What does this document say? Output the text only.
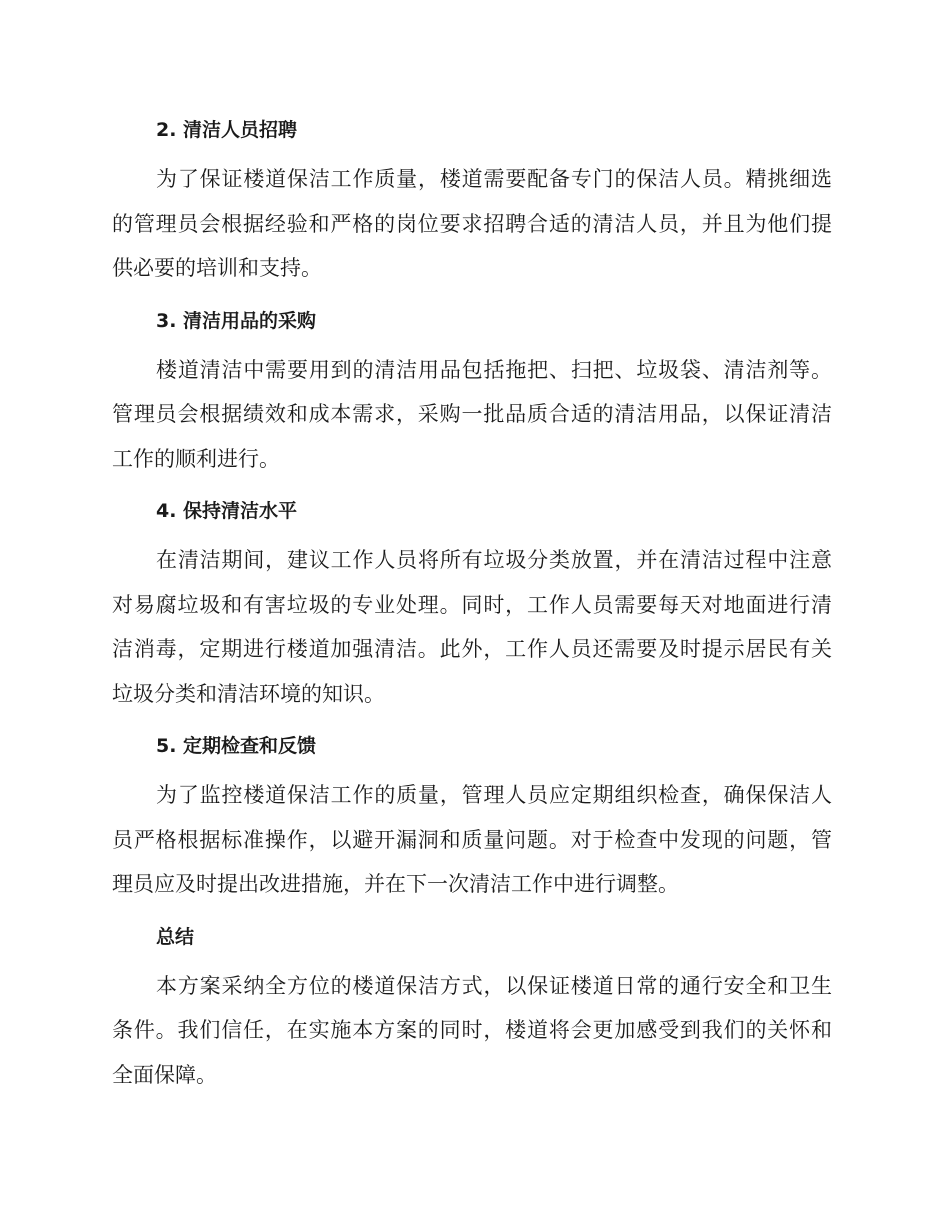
2. 清洁人员招聘
为了保证楼道保洁工作质量，楼道需要配备专门的保洁人员。精挑细选
的管理员会根据经验和严格的岗位要求招聘合适的清洁人员，并且为他们提
供必要的培训和支持。
3. 清洁用品的采购
楼道清洁中需要用到的清洁用品包括拖把、扫把、垃圾袋、清洁剂等。
管理员会根据绩效和成本需求，采购一批品质合适的清洁用品，以保证清洁
工作的顺利进行。
4. 保持清洁水平
在清洁期间，建议工作人员将所有垃圾分类放置，并在清洁过程中注意
对易腐垃圾和有害垃圾的专业处理。同时，工作人员需要每天对地面进行清
洁消毒，定期进行楼道加强清洁。此外，工作人员还需要及时提示居民有关
垃圾分类和清洁环境的知识。
5. 定期检查和反馈
为了监控楼道保洁工作的质量，管理人员应定期组织检查，确保保洁人
员严格根据标准操作，以避开漏洞和质量问题。对于检查中发现的问题，管
理员应及时提出改进措施，并在下一次清洁工作中进行调整。
总结
本方案采纳全方位的楼道保洁方式，以保证楼道日常的通行安全和卫生
条件。我们信任，在实施本方案的同时，楼道将会更加感受到我们的关怀和
全面保障。
